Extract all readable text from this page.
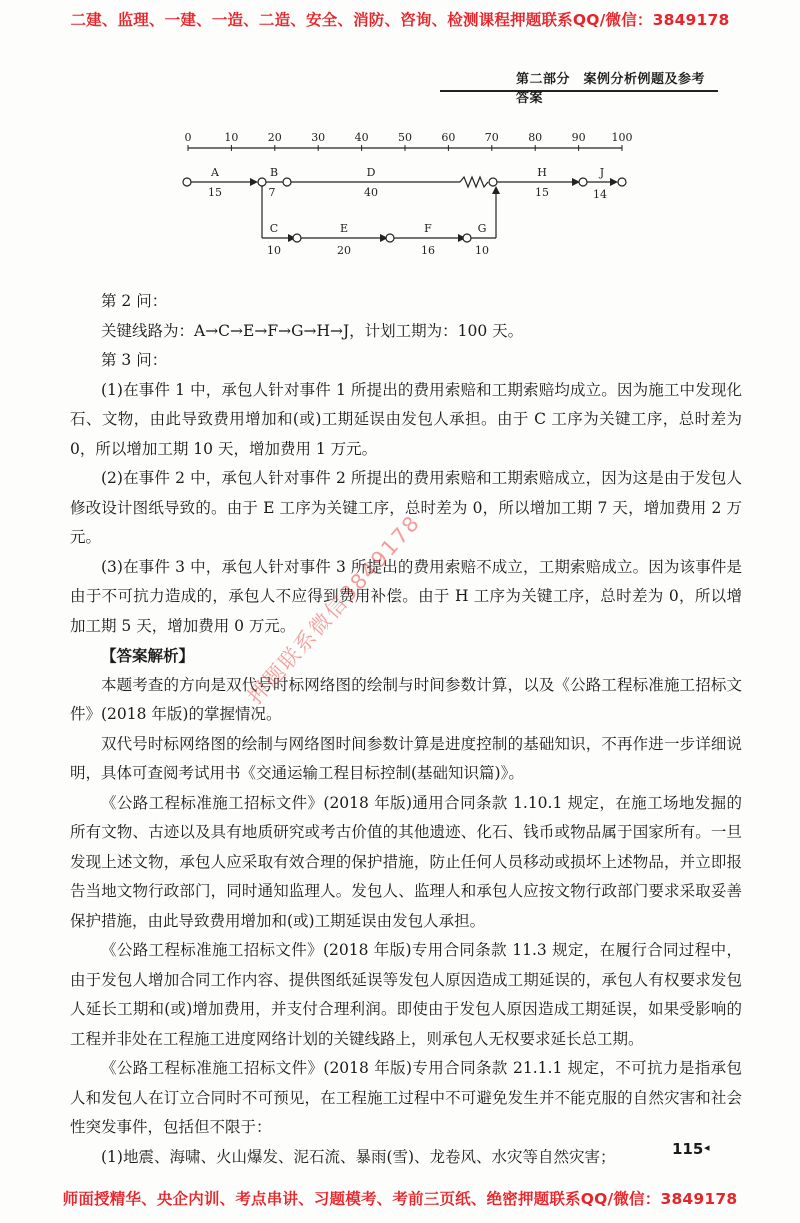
二建、监理、一建、一造、二造、安全、消防、咨询、检测课程押题联系QQ/微信：3849178
第二部分　案例分析例题及参考答案
0	10	20	30	40	50	60	70	80	90 100
A
15
B
7
D
40
H
15
J
14
C
10
E
20
F
16
G
10

第 2 问：

关键线路为：A→C→E→F→G→H→J，计划工期为：100 天。

第 3 问：

(1)在事件 1 中，承包人针对事件 1 所提出的费用索赔和工期索赔均成立。因为施工中发现化石、文物，由此导致费用增加和(或)工期延误由发包人承担。由于 C 工序为关键工序，总时差为 0，所以增加工期 10 天，增加费用 1 万元。

(2)在事件 2 中，承包人针对事件 2 所提出的费用索赔和工期索赔成立，因为这是由于发包人修改设计图纸导致的。由于 E 工序为关键工序，总时差为 0，所以增加工期 7 天，增加费用 2 万元。

(3)在事件 3 中，承包人针对事件 3 所提出的费用索赔不成立，工期索赔成立。因为该事件是由于不可抗力造成的，承包人不应得到费用补偿。由于 H 工序为关键工序，总时差为 0，所以增加工期 5 天，增加费用 0 万元。

【答案解析】

本题考查的方向是双代号时标网络图的绘制与时间参数计算，以及《公路工程标准施工招标文件》(2018 年版)的掌握情况。

双代号时标网络图的绘制与网络图时间参数计算是进度控制的基础知识，不再作进一步详细说明，具体可查阅考试用书《交通运输工程目标控制(基础知识篇)》。

《公路工程标准施工招标文件》(2018 年版)通用合同条款 1.10.1 规定，在施工场地发掘的所有文物、古迹以及具有地质研究或考古价值的其他遗迹、化石、钱币或物品属于国家所有。一旦发现上述文物，承包人应采取有效合理的保护措施，防止任何人员移动或损坏上述物品，并立即报告当地文物行政部门，同时通知监理人。发包人、监理人和承包人应按文物行政部门要求采取妥善保护措施，由此导致费用增加和(或)工期延误由发包人承担。

《公路工程标准施工招标文件》(2018 年版)专用合同条款 11.3 规定，在履行合同过程中，由于发包人增加合同工作内容、提供图纸延误等发包人原因造成工期延误的，承包人有权要求发包人延长工期和(或)增加费用，并支付合理利润。即使由于发包人原因造成工期延误，如果受影响的工程并非处在工程施工进度网络计划的关键线路上，则承包人无权要求延长总工期。

《公路工程标准施工招标文件》(2018 年版)专用合同条款 21.1.1 规定，不可抗力是指承包人和发包人在订立合同时不可预见，在工程施工过程中不可避免发生并不能克服的自然灾害和社会性突发事件，包括但不限于：

(1)地震、海啸、火山爆发、泥石流、暴雨(雪)、龙卷风、水灾等自然灾害；

押题联系微信3849178
115 ◂
师面授精华、央企内训、考点串讲、习题模考、考前三页纸、绝密押题联系QQ/微信：3849178
